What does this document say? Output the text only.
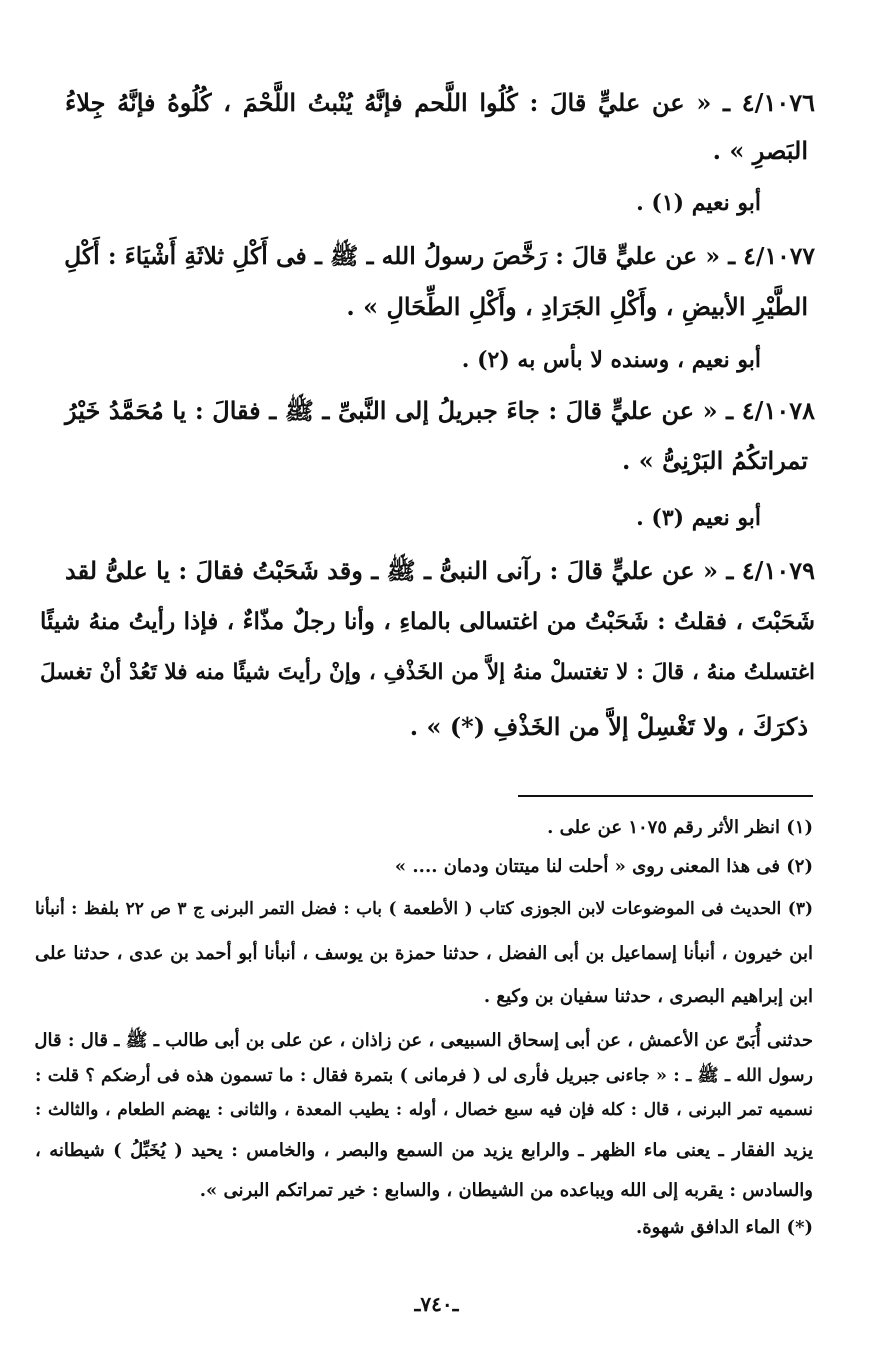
٤/١٠٧٦ ـ « عن عليٍّ قالَ : كُلُوا اللَّحم فإنَّهُ يُنْبتُ اللَّحْمَ ، كُلُوهُ فإنَّهُ جِلاءُ
البَصرِ » .
أبو نعيم (١) .
٤/١٠٧٧ ـ « عن عليٍّ قالَ : رَخَّصَ رسولُ الله ـ ﷺ ـ فى أَكْلِ ثلاثَةِ أَشْيَاءَ : أَكْلِ
الطَّيْرِ الأبيضِ ، وأَكْلِ الجَرَادِ ، وأَكْلِ الطِّحَالِ » .
أبو نعيم ، وسنده لا بأس به (٢) .
٤/١٠٧٨ ـ « عن عليٍّ قالَ : جاءَ جبريلُ إلى النَّبىِّ ـ ﷺ ـ فقالَ : يا مُحَمَّدُ خَيْرُ
تمراتكُمُ البَرْنِىُّ » .
أبو نعيم (٣) .
٤/١٠٧٩ ـ « عن عليٍّ قالَ : رآنى النبىُّ ـ ﷺ ـ وقد شَحَبْتُ فقالَ : يا علىُّ لقد
شَحَبْتَ ، فقلتُ : شَحَبْتُ من اغتسالى بالماءِ ، وأنا رجلٌ مذّاءٌ ، فإذا رأيتُ منهُ شيئًا
اغتسلتُ منهُ ، قالَ : لا تغتسلْ منهُ إلاَّ من الخَذْفِ ، وإنْ رأيتَ شيئًا منه فلا تَعُدْ أنْ تغسلَ
ذكرَكَ ، ولا تَغْسِلْ إلاَّ من الخَذْفِ (*) » .
(١) انظر الأثر رقم ١٠٧٥ عن على .
(٢) فى هذا المعنى روى « أحلت لنا ميتتان ودمان .... »
(٣) الحديث فى الموضوعات لابن الجوزى كتاب ( الأطعمة ) باب : فضل التمر البرنى ج ٣ ص ٢٢ بلفظ : أنبأنا
ابن خيرون ، أنبأنا إسماعيل بن أبى الفضل ، حدثنا حمزة بن يوسف ، أنبأنا أبو أحمد بن عدى ، حدثنا على
ابن إبراهيم البصرى ، حدثنا سفيان بن وكيع .
حدثنى أُبَىّ عن الأعمش ، عن أبى إسحاق السبيعى ، عن زاذان ، عن على بن أبى طالب ـ ﷺ ـ قال : قال
رسول الله ـ ﷺ ـ : « جاءنى جبريل فأرى لى ( فرمانى ) بتمرة فقال : ما تسمون هذه فى أرضكم ؟ قلت :
نسميه تمر البرنى ، قال : كله فإن فيه سبع خصال ، أوله : يطيب المعدة ، والثانى : يهضم الطعام ، والثالث :
يزيد الفقار ـ يعنى ماء الظهر ـ والرابع يزيد من السمع والبصر ، والخامس : يحيد ( يُخَبِّلُ ) شيطانه ،
والسادس : يقربه إلى الله ويباعده من الشيطان ، والسابع : خير تمراتكم البرنى ».
(*) الماء الدافق شهوة.
ـ٧٤٠ـ
